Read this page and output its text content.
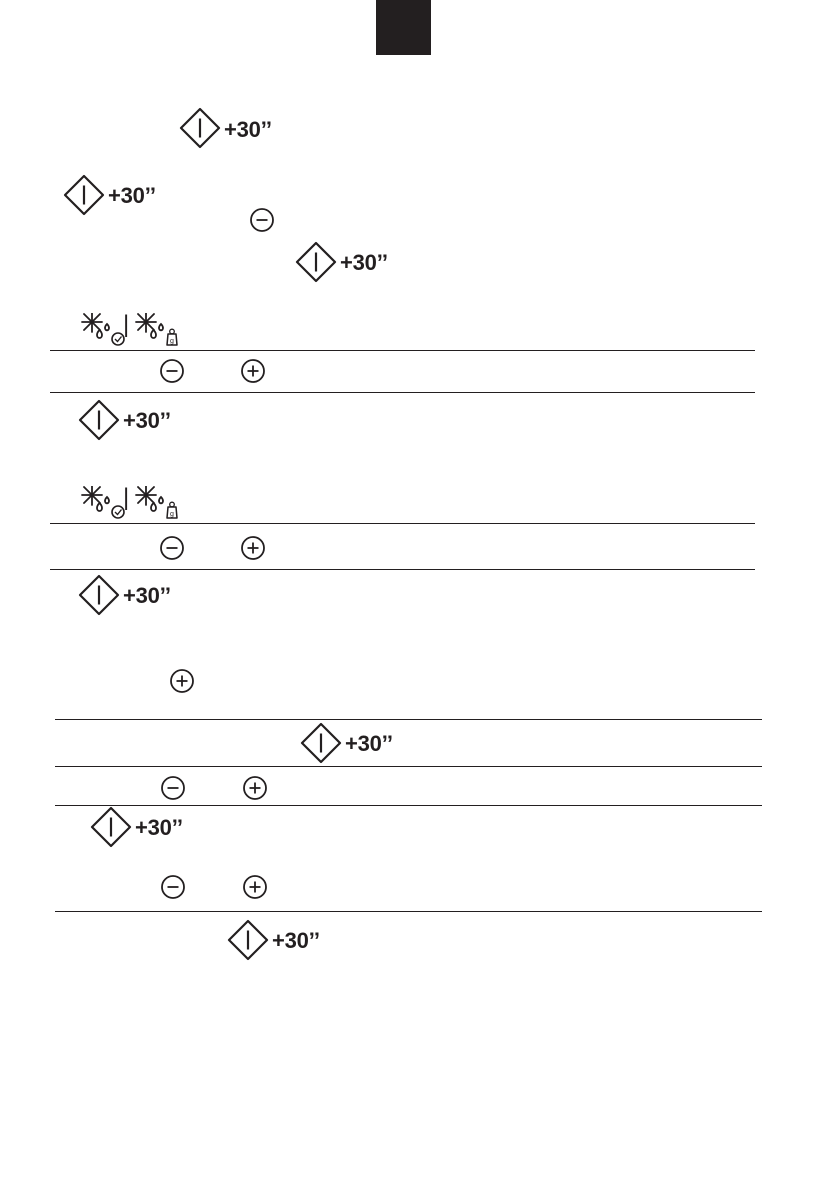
+30’’
+30’’
+30’’
|
+30’’
|
+30’’
+30’’
+30’’
+30’’
